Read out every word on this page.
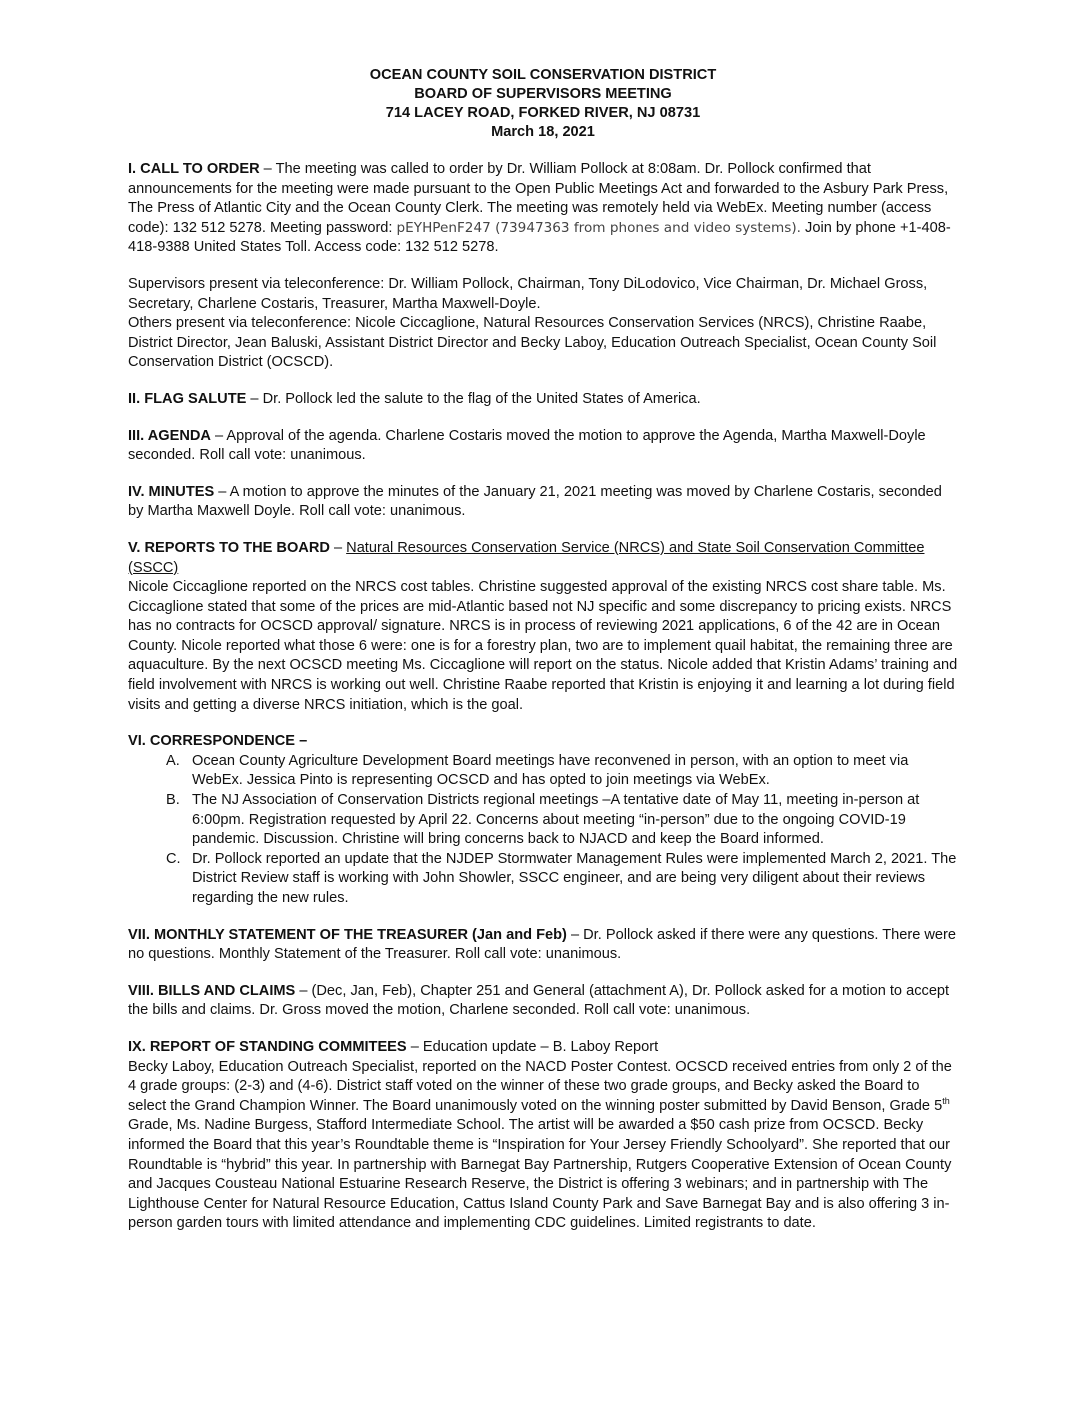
OCEAN COUNTY SOIL CONSERVATION DISTRICT
BOARD OF SUPERVISORS MEETING
714 LACEY ROAD, FORKED RIVER, NJ 08731
March 18, 2021

I. CALL TO ORDER – The meeting was called to order by Dr. William Pollock at 8:08am. Dr. Pollock confirmed that announcements for the meeting were made pursuant to the Open Public Meetings Act and forwarded to the Asbury Park Press, The Press of Atlantic City and the Ocean County Clerk. The meeting was remotely held via WebEx. Meeting number (access code): 132 512 5278. Meeting password: pEYHPenF247 (73947363 from phones and video systems). Join by phone +1-408-418-9388 United States Toll. Access code: 132 512 5278.

Supervisors present via teleconference: Dr. William Pollock, Chairman, Tony DiLodovico, Vice Chairman, Dr. Michael Gross, Secretary, Charlene Costaris, Treasurer, Martha Maxwell-Doyle.

Others present via teleconference: Nicole Ciccaglione, Natural Resources Conservation Services (NRCS), Christine Raabe, District Director, Jean Baluski, Assistant District Director and Becky Laboy, Education Outreach Specialist, Ocean County Soil Conservation District (OCSCD).

II. FLAG SALUTE – Dr. Pollock led the salute to the flag of the United States of America.

III. AGENDA – Approval of the agenda. Charlene Costaris moved the motion to approve the Agenda, Martha Maxwell-Doyle seconded. Roll call vote: unanimous.

IV. MINUTES – A motion to approve the minutes of the January 21, 2021 meeting was moved by Charlene Costaris, seconded by Martha Maxwell Doyle. Roll call vote: unanimous.

V. REPORTS TO THE BOARD – Natural Resources Conservation Service (NRCS) and State Soil Conservation Committee (SSCC)

Nicole Ciccaglione reported on the NRCS cost tables. Christine suggested approval of the existing NRCS cost share table. Ms. Ciccaglione stated that some of the prices are mid-Atlantic based not NJ specific and some discrepancy to pricing exists. NRCS has no contracts for OCSCD approval/ signature. NRCS is in process of reviewing 2021 applications, 6 of the 42 are in Ocean County. Nicole reported what those 6 were: one is for a forestry plan, two are to implement quail habitat, the remaining three are aquaculture. By the next OCSCD meeting Ms. Ciccaglione will report on the status. Nicole added that Kristin Adams’ training and field involvement with NRCS is working out well. Christine Raabe reported that Kristin is enjoying it and learning a lot during field visits and getting a diverse NRCS initiation, which is the goal.

VI. CORRESPONDENCE –

A. Ocean County Agriculture Development Board meetings have reconvened in person, with an option to meet via WebEx. Jessica Pinto is representing OCSCD and has opted to join meetings via WebEx.
B. The NJ Association of Conservation Districts regional meetings –A tentative date of May 11, meeting in-person at 6:00pm. Registration requested by April 22. Concerns about meeting “in-person” due to the ongoing COVID-19 pandemic. Discussion. Christine will bring concerns back to NJACD and keep the Board informed.
C. Dr. Pollock reported an update that the NJDEP Stormwater Management Rules were implemented March 2, 2021. The District Review staff is working with John Showler, SSCC engineer, and are being very diligent about their reviews regarding the new rules.

VII. MONTHLY STATEMENT OF THE TREASURER (Jan and Feb) – Dr. Pollock asked if there were any questions. There were no questions. Monthly Statement of the Treasurer. Roll call vote: unanimous.

VIII. BILLS AND CLAIMS – (Dec, Jan, Feb), Chapter 251 and General (attachment A), Dr. Pollock asked for a motion to accept the bills and claims. Dr. Gross moved the motion, Charlene seconded. Roll call vote: unanimous.

IX. REPORT OF STANDING COMMITEES – Education update – B. Laboy Report

Becky Laboy, Education Outreach Specialist, reported on the NACD Poster Contest. OCSCD received entries from only 2 of the 4 grade groups: (2-3) and (4-6). District staff voted on the winner of these two grade groups, and Becky asked the Board to select the Grand Champion Winner. The Board unanimously voted on the winning poster submitted by David Benson, Grade 5th Grade, Ms. Nadine Burgess, Stafford Intermediate School. The artist will be awarded a $50 cash prize from OCSCD. Becky informed the Board that this year’s Roundtable theme is “Inspiration for Your Jersey Friendly Schoolyard”. She reported that our Roundtable is “hybrid” this year. In partnership with Barnegat Bay Partnership, Rutgers Cooperative Extension of Ocean County and Jacques Cousteau National Estuarine Research Reserve, the District is offering 3 webinars; and in partnership with The Lighthouse Center for Natural Resource Education, Cattus Island County Park and Save Barnegat Bay and is also offering 3 in-person garden tours with limited attendance and implementing CDC guidelines. Limited registrants to date.
